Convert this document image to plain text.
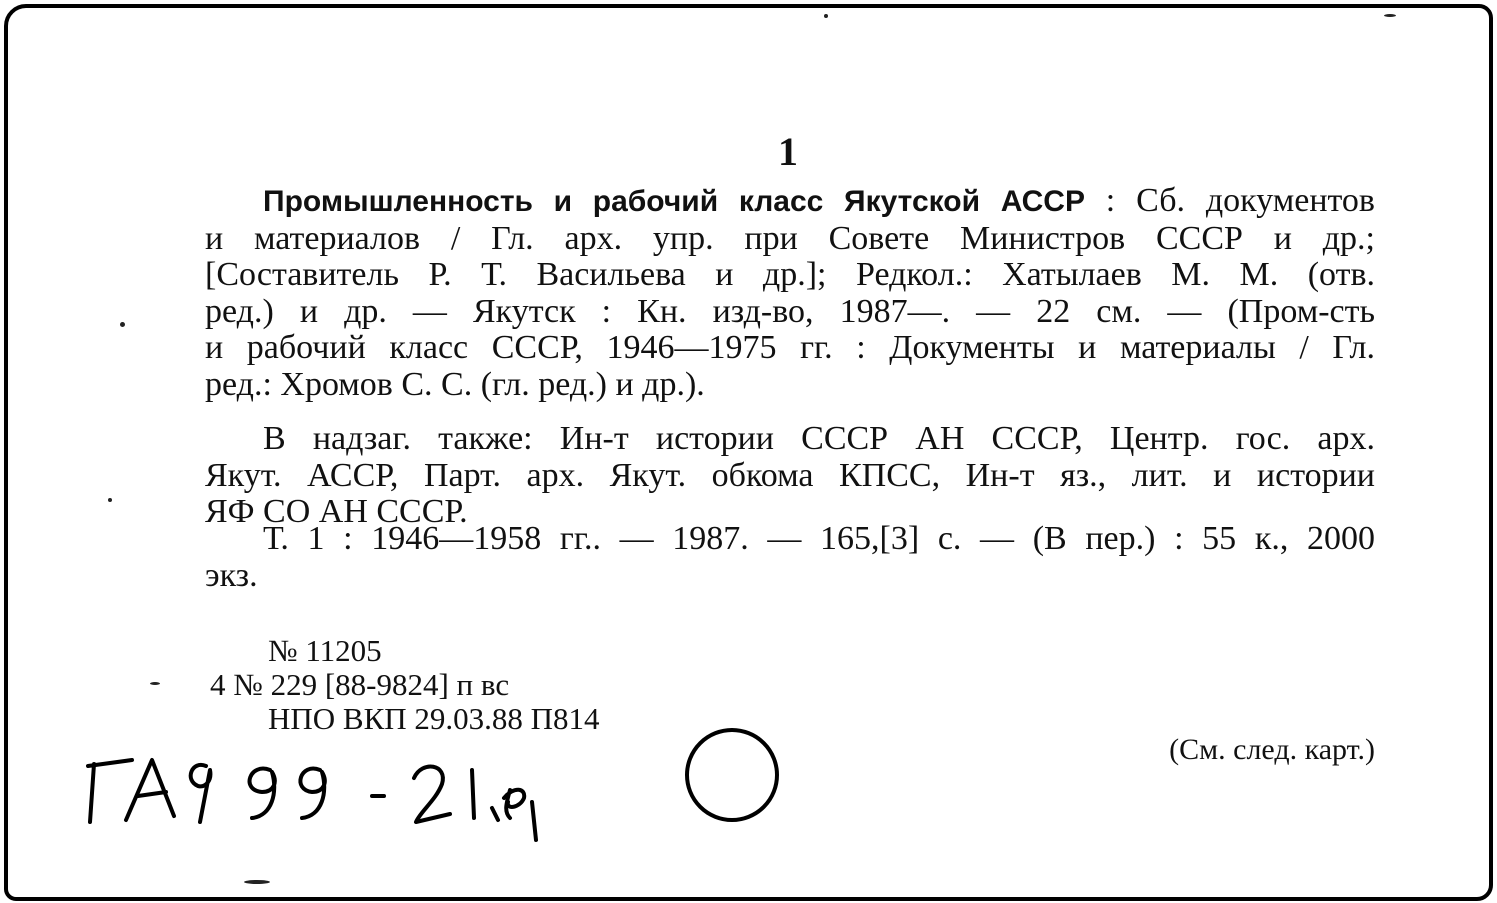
1
Промышленность и рабочий класс Якутской АССР : Сб. документов
и материалов / Гл. арх. упр. при Совете Министров СССР и др.;
[Составитель Р. Т. Васильева и др.]; Редкол.: Хатылаев М. М. (отв.
ред.) и др. — Якутск : Кн. изд-во, 1987—. — 22 см. — (Пром-сть
и рабочий класс СССР, 1946—1975 гг. : Документы и материалы / Гл.
ред.: Хромов С. С. (гл. ред.) и др.).
В надзаг. также: Ин-т истории СССР АН СССР, Центр. гос. арх.
Якут. АССР, Парт. арх. Якут. обкома КПСС, Ин-т яз., лит. и истории
ЯФ СО АН СССР.
Т. 1 : 1946—1958 гг.. — 1987. — 165,[3] с. — (В пер.) : 55 к., 2000
экз.
№ 11205
4 № 229 [88-9824] п вс
НПО ВКП 29.03.88 П814
(См. след. карт.)
